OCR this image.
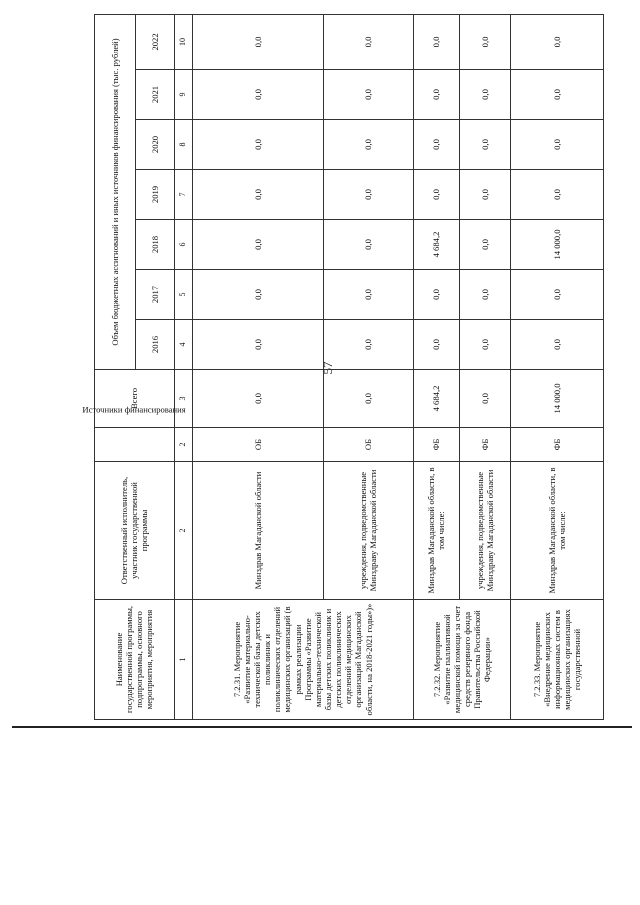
57
Наименование государственной программы, подпрограммы, основного мероприятия, мероприятия	Ответственный исполнитель, участник государственной программы	Источники финансирования	Всего	Объем бюджетных ассигнований и иных источников финансирования (тыс. рублей)						
				2016	2017	2018	2019	2020	2021	2022
1	2	2	3	4	5	6	7	8	9	10
7.2.31. Мероприятие «Развитие материально-технической базы детских поликлиник и поликлинических отделений медицинских организаций (в рамках реализации Программы «Развитие материально-технической базы детских поликлиник и детских поликлинических отделений медицинских организаций Магаданской области, на 2018-2021 годы»)»	Минздрав Магаданской области	ОБ	0,0	0,0	0,0	0,0	0,0	0,0	0,0	0,0
	учреждения, подведомственные Минздраву Магаданской области	ОБ	0,0	0,0	0,0	0,0	0,0	0,0	0,0	0,0
7.2.32. Мероприятие «Развитие паллиативной медицинской помощи за счет средств резервного фонда Правительства Российской Федерации»	Минздрав Магаданской области, в том числе:	ФБ	4 684,2	0,0	0,0	4 684,2	0,0	0,0	0,0	0,0
	учреждения, подведомственные Минздраву Магаданской области	ФБ	0,0	0,0	0,0	0,0	0,0	0,0	0,0	0,0
7.2.33. Мероприятие «Внедрение медицинских информационных систем в медицинских организациях государственной	Минздрав Магаданской области, в том числе:	ФБ	14 000,0	0,0	0,0	14 000,0	0,0	0,0	0,0	0,0
